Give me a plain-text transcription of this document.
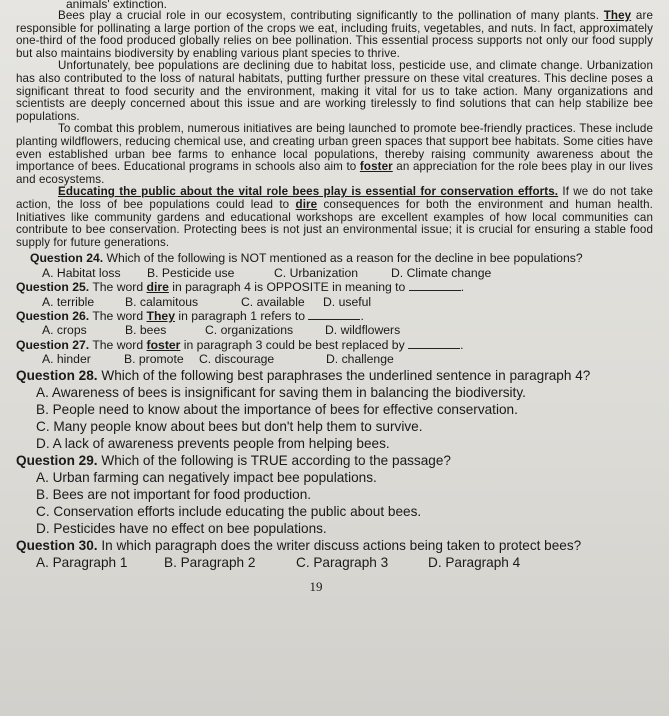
animals' extinction.

Bees play a crucial role in our ecosystem, contributing significantly to the pollination of many plants. They are responsible for pollinating a large portion of the crops we eat, including fruits, vegetables, and nuts. In fact, approximately one-third of the food produced globally relies on bee pollination. This essential process supports not only our food supply but also maintains biodiversity by enabling various plant species to thrive.

Unfortunately, bee populations are declining due to habitat loss, pesticide use, and climate change. Urbanization has also contributed to the loss of natural habitats, putting further pressure on these vital creatures. This decline poses a significant threat to food security and the environment, making it vital for us to take action. Many organizations and scientists are deeply concerned about this issue and are working tirelessly to find solutions that can help stabilize bee populations.

To combat this problem, numerous initiatives are being launched to promote bee-friendly practices. These include planting wildflowers, reducing chemical use, and creating urban green spaces that support bee habitats. Some cities have even established urban bee farms to enhance local populations, thereby raising community awareness about the importance of bees. Educational programs in schools also aim to foster an appreciation for the role bees play in our lives and ecosystems.

Educating the public about the vital role bees play is essential for conservation efforts. If we do not take action, the loss of bee populations could lead to dire consequences for both the environment and human health. Initiatives like community gardens and educational workshops are excellent examples of how local communities can contribute to bee conservation. Protecting bees is not just an environmental issue; it is crucial for ensuring a stable food supply for future generations.

Question 24. Which of the following is NOT mentioned as a reason for the decline in bee populations?

A. Habitat loss	B. Pesticide use	C. Urbanization	D. Climate change

Question 25. The word dire in paragraph 4 is OPPOSITE in meaning to	.

A. terrible	B. calamitous	C. available	D. useful

Question 26. The word They in paragraph 1 refers to	.

A. crops	B. bees	C. organizations	D. wildflowers

Question 27. The word foster in paragraph 3 could be best replaced by	.

A. hinder	B. promote	C. discourage	D. challenge

Question 28. Which of the following best paraphrases the underlined sentence in paragraph 4?

A. Awareness of bees is insignificant for saving them in balancing the biodiversity.

B. People need to know about the importance of bees for effective conservation.

C. Many people know about bees but don't help them to survive.

D. A lack of awareness prevents people from helping bees.

Question 29. Which of the following is TRUE according to the passage?

A. Urban farming can negatively impact bee populations.

B. Bees are not important for food production.

C. Conservation efforts include educating the public about bees.

D. Pesticides have no effect on bee populations.

Question 30. In which paragraph does the writer discuss actions being taken to protect bees?

A. Paragraph 1	B. Paragraph 2	C. Paragraph 3	D. Paragraph 4
19
